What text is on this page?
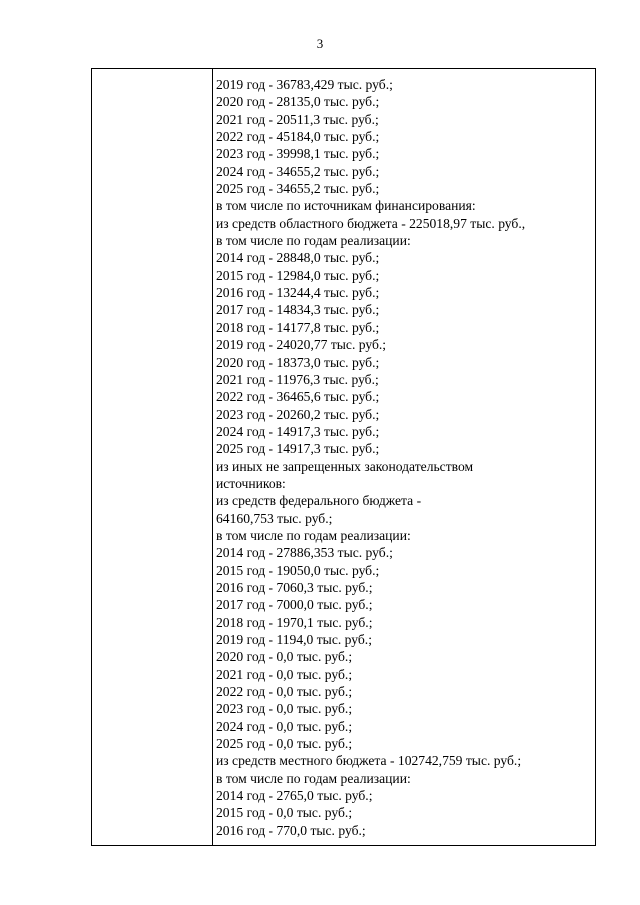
3
2019 год - 36783,429 тыс. руб.;
2020 год - 28135,0 тыс. руб.;
2021 год - 20511,3 тыс. руб.;
2022 год - 45184,0 тыс. руб.;
2023 год - 39998,1 тыс. руб.;
2024 год - 34655,2 тыс. руб.;
2025 год - 34655,2 тыс. руб.;
в том числе по источникам финансирования:
из средств областного бюджета - 225018,97 тыс. руб.,
в том числе по годам реализации:
2014 год - 28848,0 тыс. руб.;
2015 год - 12984,0 тыс. руб.;
2016 год - 13244,4 тыс. руб.;
2017 год - 14834,3 тыс. руб.;
2018 год - 14177,8 тыс. руб.;
2019 год - 24020,77 тыс. руб.;
2020 год - 18373,0 тыс. руб.;
2021 год - 11976,3 тыс. руб.;
2022 год - 36465,6 тыс. руб.;
2023 год - 20260,2 тыс. руб.;
2024 год - 14917,3 тыс. руб.;
2025 год - 14917,3 тыс. руб.;
из иных не запрещенных законодательством
источников:
из средств федерального бюджета -
64160,753 тыс. руб.;
в том числе по годам реализации:
2014 год - 27886,353 тыс. руб.;
2015 год - 19050,0 тыс. руб.;
2016 год - 7060,3 тыс. руб.;
2017 год - 7000,0 тыс. руб.;
2018 год - 1970,1 тыс. руб.;
2019 год - 1194,0 тыс. руб.;
2020 год - 0,0 тыс. руб.;
2021 год - 0,0 тыс. руб.;
2022 год - 0,0 тыс. руб.;
2023 год - 0,0 тыс. руб.;
2024 год - 0,0 тыс. руб.;
2025 год - 0,0 тыс. руб.;
из средств местного бюджета - 102742,759 тыс. руб.;
в том числе по годам реализации:
2014 год - 2765,0 тыс. руб.;
2015 год - 0,0 тыс. руб.;
2016 год - 770,0 тыс. руб.;
